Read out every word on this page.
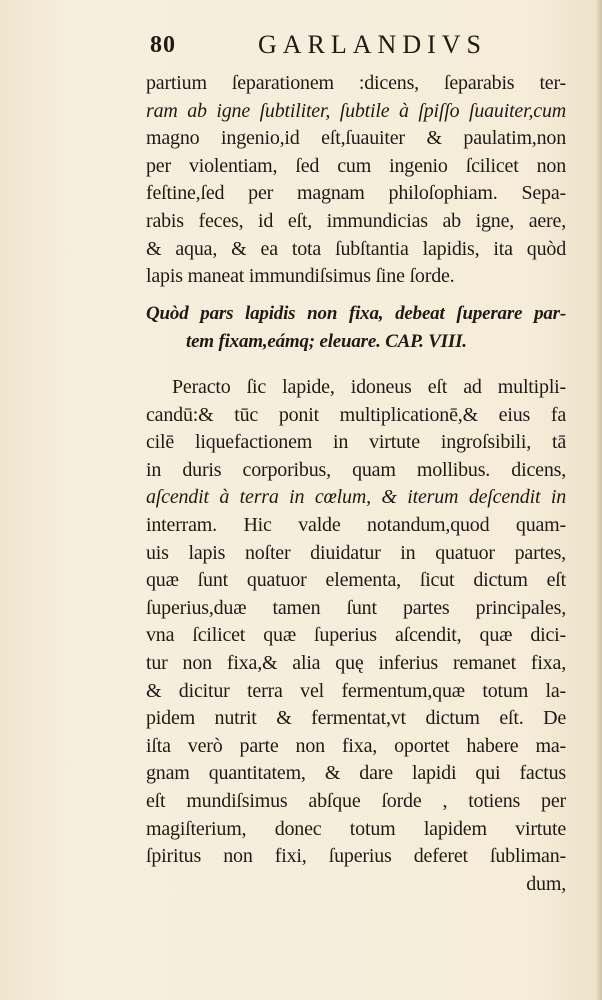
80	GARLANDIVS
partium ſeparationem :dicens, ſeparabis ter-
ram ab igne ſubtiliter, ſubtile à ſpiſſo ſuauiter,cum
magno ingenio,id eſt,ſuauiter & paulatim,non
per violentiam, ſed cum ingenio ſcilicet non
feſtine,ſed per magnam philoſophiam. Sepa-
rabis feces, id eſt, immundicias ab igne, aere,
& aqua, & ea tota ſubſtantia lapidis, ita quòd
lapis maneat immundiſsimus ſine ſorde.
Quòd pars lapidis non fixa, debeat ſuperare par-
tem fixam,eámq; eleuare. CAP. VIII.
Peracto ſic lapide, idoneus eſt ad multipli-
candū:& tūc ponit multiplicationē,& eius fa
cilē liquefactionem in virtute ingroſsibili, tā
in duris corporibus, quam mollibus. dicens,
aſcendit à terra in cœlum, & iterum deſcendit in
interram. Hic valde notandum,quod quam-
uis lapis noſter diuidatur in quatuor partes,
quæ ſunt quatuor elementa, ſicut dictum eſt
ſuperius,duæ tamen ſunt partes principales,
vna ſcilicet quæ ſuperius aſcendit, quæ dici-
tur non fixa,& alia quę inferius remanet fixa,
& dicitur terra vel fermentum,quæ totum la-
pidem nutrit & fermentat,vt dictum eſt. De
iſta verò parte non fixa, oportet habere ma-
gnam quantitatem, & dare lapidi qui factus
eſt mundiſsimus abſque ſorde , totiens per
magiſterium, donec totum lapidem virtute
ſpiritus non fixi, ſuperius deferet ſubliman-
dum,
